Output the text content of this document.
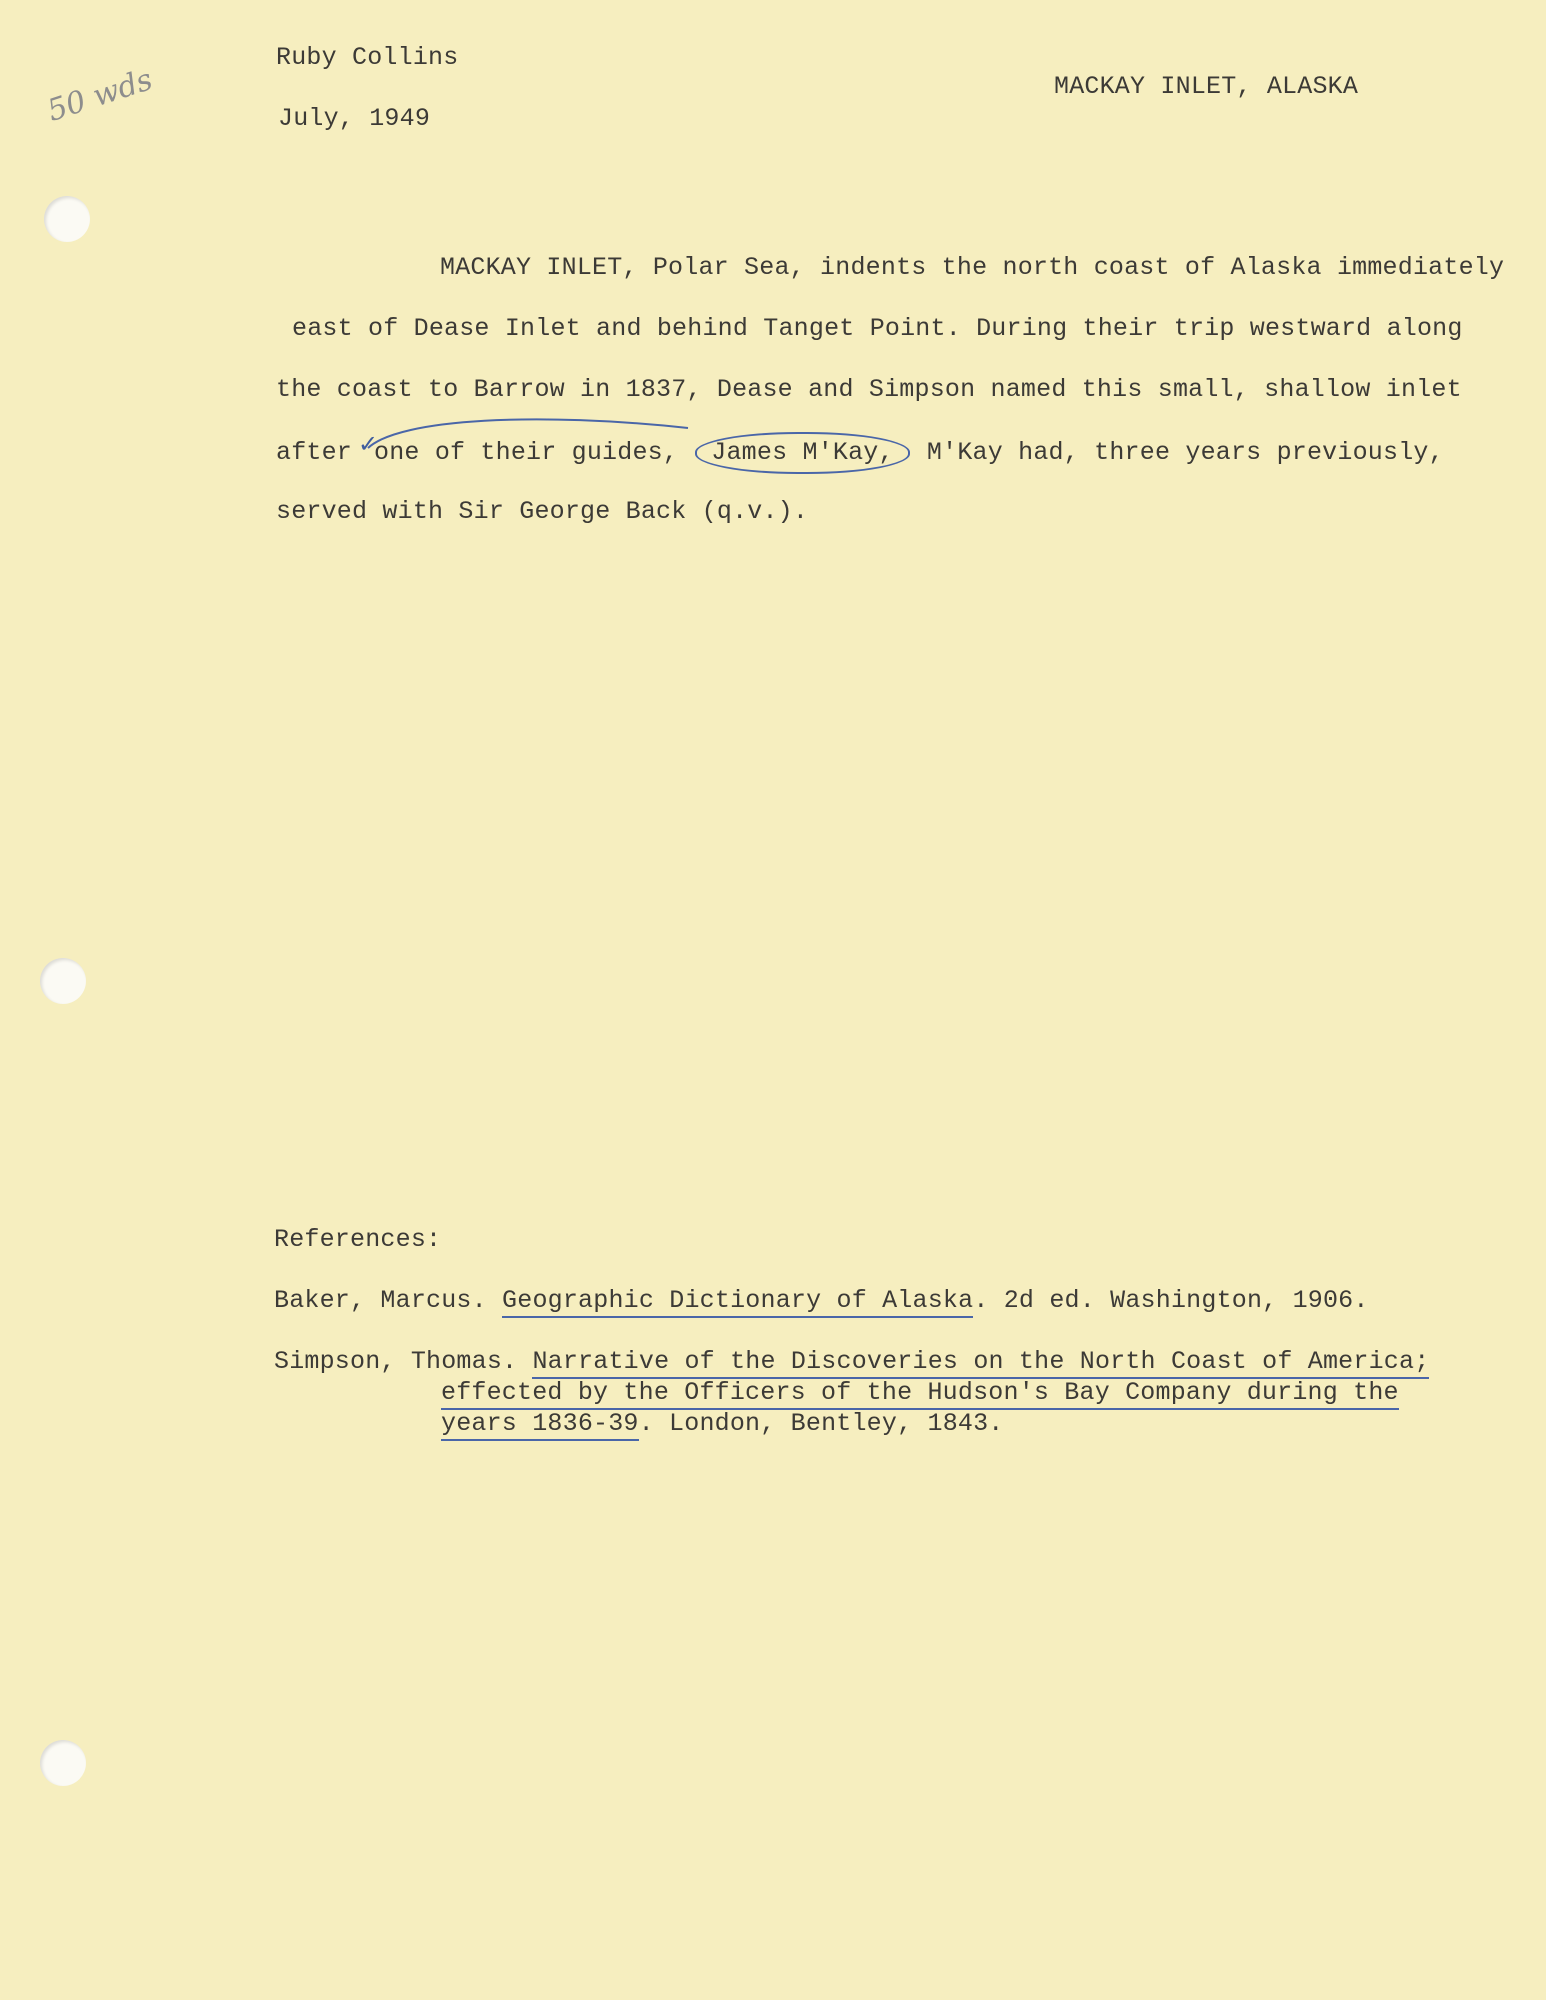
50 wds
Ruby Collins
July, 1949
MACKAY INLET, ALASKA
MACKAY INLET, Polar Sea, indents the north coast of Alaska immediately
east of Dease Inlet and behind Tanget Point. During their trip westward along
the coast to Barrow in 1837, Dease and Simpson named this small, shallow inlet
after one of their guides, James M'Kay, M'Kay had, three years previously,
✓
served with Sir George Back (q.v.).
References:
Baker, Marcus. Geographic Dictionary of Alaska. 2d ed. Washington, 1906.
Simpson, Thomas. Narrative of the Discoveries on the North Coast of America;
effected by the Officers of the Hudson's Bay Company during the
years 1836-39. London, Bentley, 1843.
